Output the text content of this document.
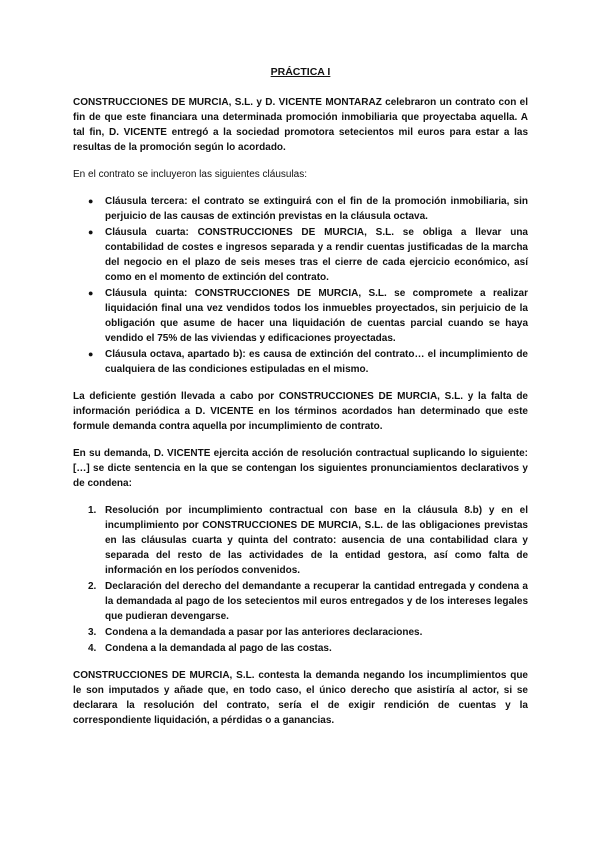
PRÁCTICA I

CONSTRUCCIONES DE MURCIA, S.L. y D. VICENTE MONTARAZ celebraron un contrato con el fin de que este financiara una determinada promoción inmobiliaria que proyectaba aquella. A tal fin, D. VICENTE entregó a la sociedad promotora setecientos mil euros para estar a las resultas de la promoción según lo acordado.

En el contrato se incluyeron las siguientes cláusulas:

● Cláusula tercera: el contrato se extinguirá con el fin de la promoción inmobiliaria, sin perjuicio de las causas de extinción previstas en la cláusula octava.
● Cláusula cuarta: CONSTRUCCIONES DE MURCIA, S.L. se obliga a llevar una contabilidad de costes e ingresos separada y a rendir cuentas justificadas de la marcha del negocio en el plazo de seis meses tras el cierre de cada ejercicio económico, así como en el momento de extinción del contrato.
● Cláusula quinta: CONSTRUCCIONES DE MURCIA, S.L. se compromete a realizar liquidación final una vez vendidos todos los inmuebles proyectados, sin perjuicio de la obligación que asume de hacer una liquidación de cuentas parcial cuando se haya vendido el 75% de las viviendas y edificaciones proyectadas.
● Cláusula octava, apartado b): es causa de extinción del contrato… el incumplimiento de cualquiera de las condiciones estipuladas en el mismo.

La deficiente gestión llevada a cabo por CONSTRUCCIONES DE MURCIA, S.L. y la falta de información periódica a D. VICENTE en los términos acordados han determinado que este formule demanda contra aquella por incumplimiento de contrato.

En su demanda, D. VICENTE ejercita acción de resolución contractual suplicando lo siguiente: […] se dicte sentencia en la que se contengan los siguientes pronunciamientos declarativos y de condena:

1. Resolución por incumplimiento contractual con base en la cláusula 8.b) y en el incumplimiento por CONSTRUCCIONES DE MURCIA, S.L. de las obligaciones previstas en las cláusulas cuarta y quinta del contrato: ausencia de una contabilidad clara y separada del resto de las actividades de la entidad gestora, así como falta de información en los períodos convenidos.
2. Declaración del derecho del demandante a recuperar la cantidad entregada y condena a la demandada al pago de los setecientos mil euros entregados y de los intereses legales que pudieran devengarse.
3. Condena a la demandada a pasar por las anteriores declaraciones.
4. Condena a la demandada al pago de las costas.

CONSTRUCCIONES DE MURCIA, S.L. contesta la demanda negando los incumplimientos que le son imputados y añade que, en todo caso, el único derecho que asistiría al actor, si se declarara la resolución del contrato, sería el de exigir rendición de cuentas y la correspondiente liquidación, a pérdidas o a ganancias.
